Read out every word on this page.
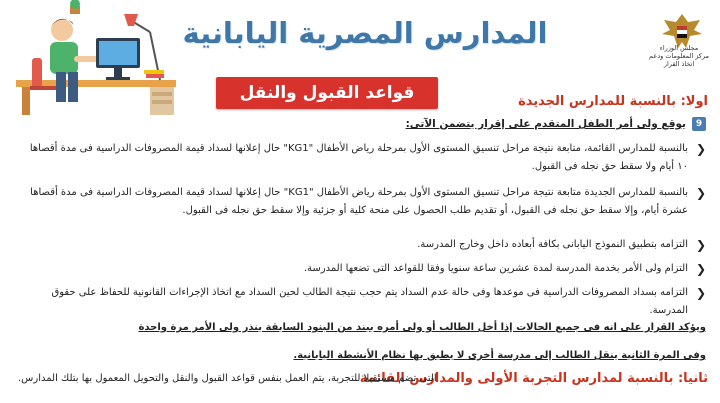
المدارس المصرية اليابانية	مجلس الوزراء
مركز المعلومات ودعم اتخاذ القرار
قواعد القبول والنقل	اولا: بالنسبة للمدارس الجديدة
9
يوقع ولى أمر الطفل المتقدم على إقرار يتضمن الآتى:
❮
بالنسبة للمدارس القائمة، متابعة نتيجة مراحل تنسيق المستوى الأول بمرحلة رياض الأطفال "KG1" حال إعلانها لسداد قيمة المصروفات الدراسية فى مدة أقصاها ١٠ أيام ولا سقط حق نجله فى القبول.
❮
بالنسبة للمدارس الجديدة متابعة نتيجة مراحل تنسيق المستوى الأول بمرحلة رياض الأطفال "KG1" حال إعلانها لسداد قيمة المصروفات الدراسية فى مدة أقصاها عشرة أيام، وإلا سقط حق نجله فى القبول، أو تقديم طلب الحصول على منحة كلية أو جزئية وإلا سقط حق نجله فى القبول.
❮
التزامه بتطبيق النموذج اليابانى بكافة أبعاده داخل وخارج المدرسة.
❮
التزام ولى الأمر بخدمة المدرسة لمدة عشرين ساعة سنويا وفقا للقواعد التى تضعها المدرسة.
❮
التزامه بسداد المصروفات الدراسية فى موعدها وفى حالة عدم السداد يتم حجب نتيجة الطالب لحين السداد مع اتخاذ الإجراءات القانونية للحفاظ على حقوق المدرسة.
ويؤكد القرار على انه فى جميع الحالات إذا أخل الطالب أو ولى أمره ببند من البنود السابقة ينذر ولى الأمر مرة واحدة
وفى المرة الثانية ينقل الطالب إلى مدرسة أخرى لا يطبق بها نظام الأنشطة اليابانية.
ثانيا: بالنسبة لمدارس التجربة الأولى والمدارس القائمة
التى تضم مستقبلا للتجربة، يتم العمل بنفس قواعد القبول والنقل والتحويل المعمول بها بتلك المدارس.
